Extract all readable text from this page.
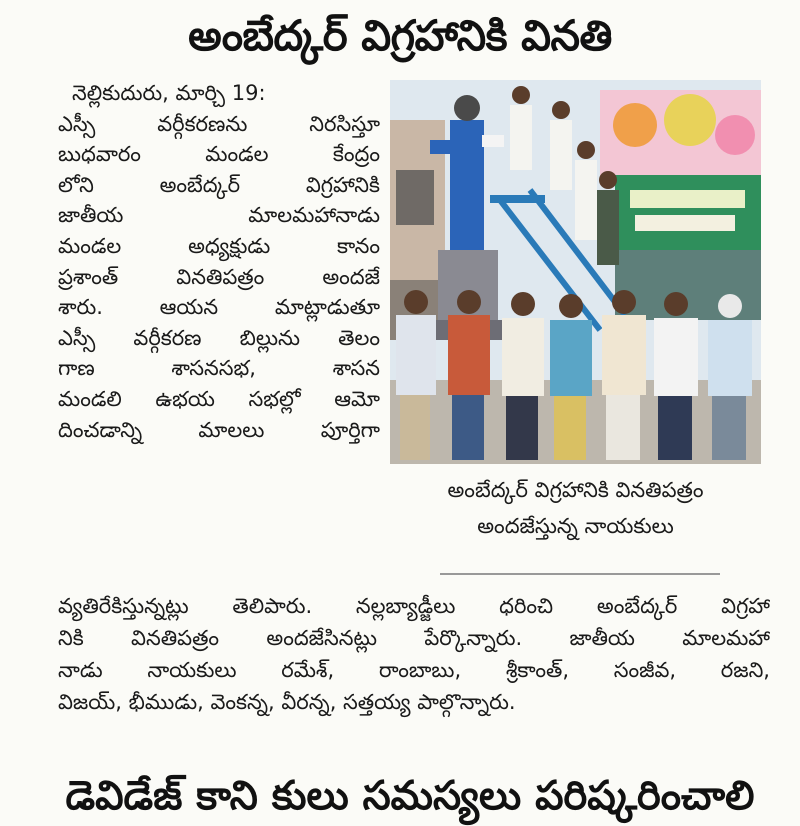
అంబేద్కర్ విగ్రహానికి వినతి
నెల్లికుదురు, మార్చి 19:
ఎస్సీ వర్గీకరణను నిరసిస్తూ
బుధవారం మండల కేంద్రం
లోని అంబేద్కర్ విగ్రహానికి
జాతీయ మాలమహానాడు
మండల అధ్యక్షుడు కానం
ప్రశాంత్ వినతిపత్రం అందజే
శారు. ఆయన మాట్లాడుతూ
ఎస్సీ వర్గీకరణ బిల్లును తెలం
గాణ శాసనసభ, శాసన
మండలి ఉభయ సభల్లో ఆమో
దించడాన్ని మాలలు పూర్తిగా
అంబేద్కర్ విగ్రహానికి వినతిపత్రం
అందజేస్తున్న నాయకులు
వ్యతిరేకిస్తున్నట్లు తెలిపారు. నల్లబ్యాడ్జీలు ధరించి అంబేద్కర్ విగ్రహా
నికి వినతిపత్రం అందజేసినట్లు పేర్కొన్నారు. జాతీయ మాలమహా
నాడు నాయకులు రమేశ్, రాంబాబు, శ్రీకాంత్, సంజీవ, రజని,
విజయ్, భీముడు, వెంకన్న, వీరన్న, సత్తయ్య పాల్గొన్నారు.
డెవిడేజ్ కాని కులు సమస్యలు పరిష్కరించాలి
